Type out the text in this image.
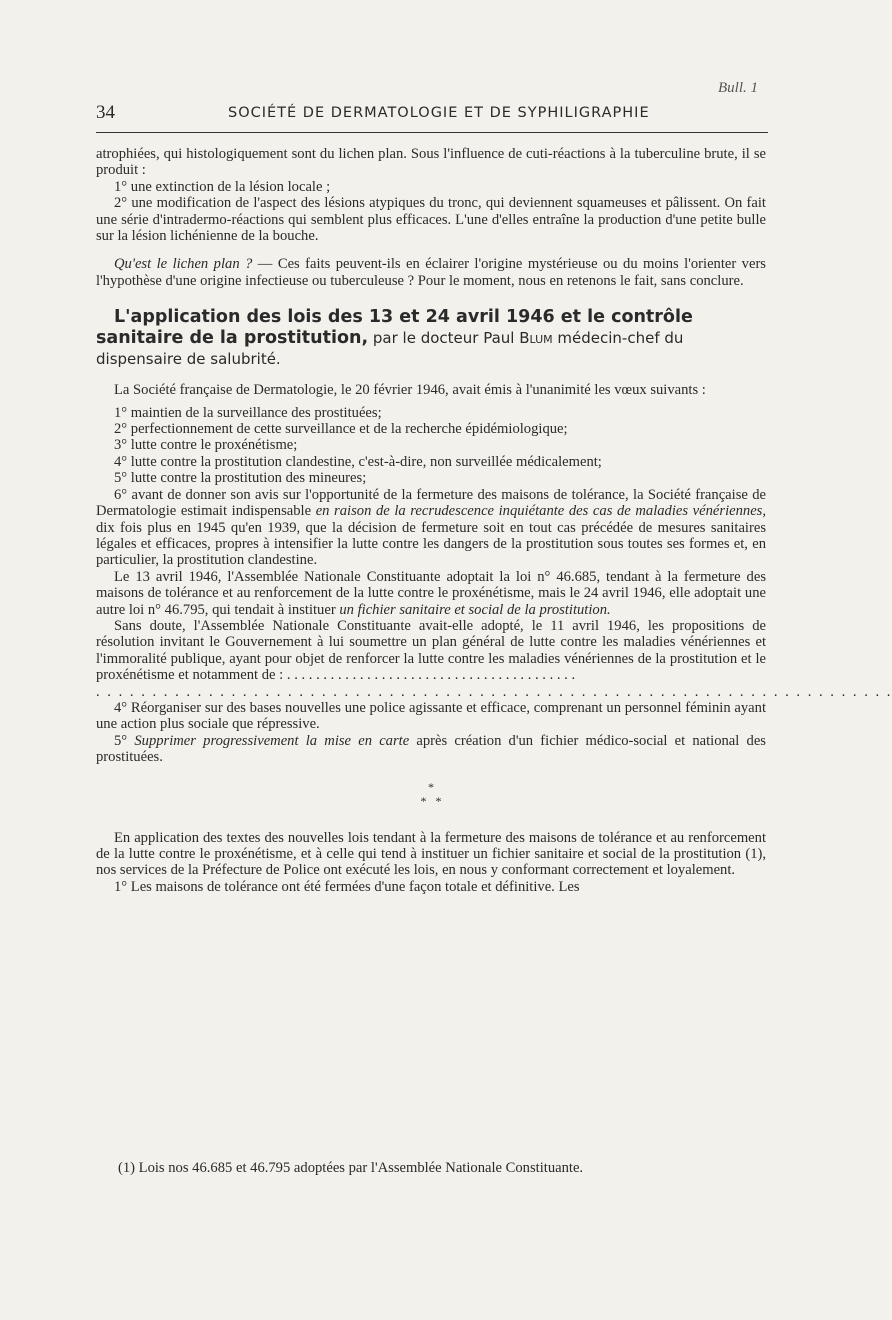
Bull. 1
34	SOCIÉTÉ DE DERMATOLOGIE ET DE SYPHILIGRAPHIE

atrophiées, qui histologiquement sont du lichen plan. Sous l'influence de cuti-réactions à la tuberculine brute, il se produit :

1° une extinction de la lésion locale ;

2° une modification de l'aspect des lésions atypiques du tronc, qui deviennent squameuses et pâlissent. On fait une série d'intradermo-réactions qui semblent plus efficaces. L'une d'elles entraîne la production d'une petite bulle sur la lésion lichénienne de la bouche.

Qu'est le lichen plan ? — Ces faits peuvent-ils en éclairer l'origine mystérieuse ou du moins l'orienter vers l'hypothèse d'une origine infectieuse ou tuberculeuse ? Pour le moment, nous en retenons le fait, sans conclure.

L'application des lois des 13 et 24 avril 1946 et le contrôle sanitaire de la prostitution, par le docteur Paul Blum médecin-chef du dispensaire de salubrité.

La Société française de Dermatologie, le 20 février 1946, avait émis à l'unanimité les vœux suivants :

1° maintien de la surveillance des prostituées;

2° perfectionnement de cette surveillance et de la recherche épidémiologique;

3° lutte contre le proxénétisme;

4° lutte contre la prostitution clandestine, c'est-à-dire, non surveillée médicalement;

5° lutte contre la prostitution des mineures;

6° avant de donner son avis sur l'opportunité de la fermeture des maisons de tolérance, la Société française de Dermatologie estimait indispensable en raison de la recrudescence inquiétante des cas de maladies vénériennes, dix fois plus en 1945 qu'en 1939, que la décision de fermeture soit en tout cas précédée de mesures sanitaires légales et efficaces, propres à intensifier la lutte contre les dangers de la prostitution sous toutes ses formes et, en particulier, la prostitution clandestine.

Le 13 avril 1946, l'Assemblée Nationale Constituante adoptait la loi n° 46.685, tendant à la fermeture des maisons de tolérance et au renforcement de la lutte contre le proxénétisme, mais le 24 avril 1946, elle adoptait une autre loi n° 46.795, qui tendait à instituer un fichier sanitaire et social de la prostitution.

Sans doute, l'Assemblée Nationale Constituante avait-elle adopté, le 11 avril 1946, les propositions de résolution invitant le Gouvernement à lui soumettre un plan général de lutte contre les maladies vénériennes et l'immoralité publique, ayant pour objet de renforcer la lutte contre les maladies vénériennes de la prostitution et le proxénétisme et notamment de : . . . . . . . . . . . . . . . . . . . . . . . . . . . . . . . . . . . . . . . .

. . . . . . . . . . . . . . . . . . . . . . . . . . . . . . . . . . . . . . . . . . . . . . . . . . . . . . . . . . . . . . . . . . . . . . .

4° Réorganiser sur des bases nouvelles une police agissante et efficace, comprenant un personnel féminin ayant une action plus sociale que répressive.

5° Supprimer progressivement la mise en carte après création d'un fichier médico-social et national des prostituées.

*
*   *

En application des textes des nouvelles lois tendant à la fermeture des maisons de tolérance et au renforcement de la lutte contre le proxénétisme, et à celle qui tend à instituer un fichier sanitaire et social de la prostitution (1), nos services de la Préfecture de Police ont exécuté les lois, en nous y conformant correctement et loyalement.

1° Les maisons de tolérance ont été fermées d'une façon totale et définitive. Les

(1) Lois nos 46.685 et 46.795 adoptées par l'Assemblée Nationale Constituante.
